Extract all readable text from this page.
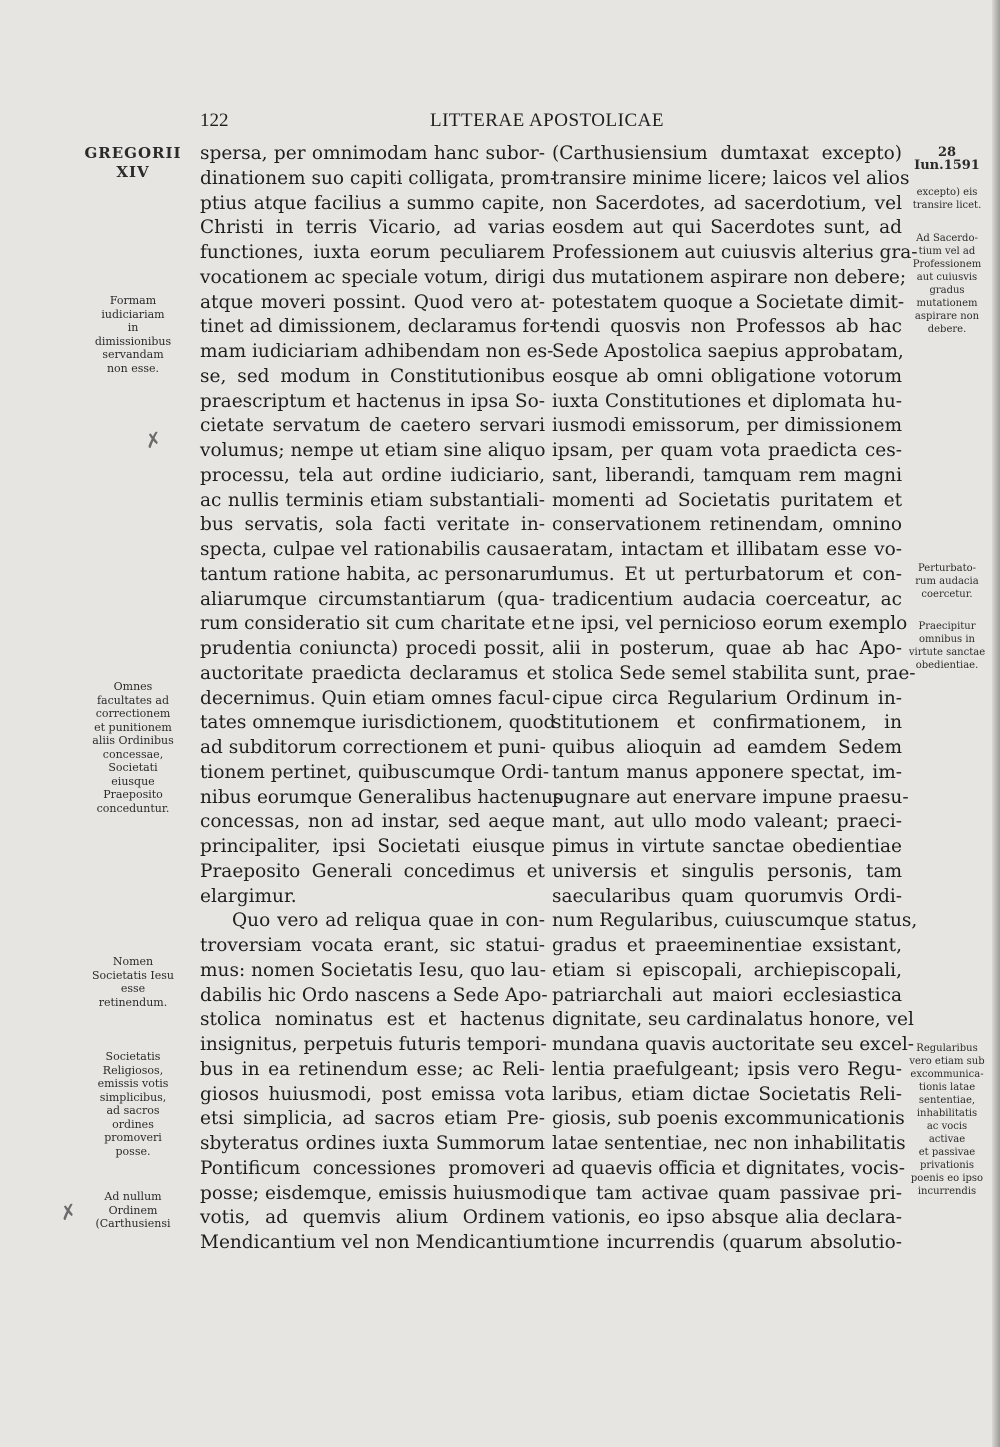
122	LITTERAE APOSTOLICAE
GREGORII
XIV
Formam
iudiciariam
in
dimissionibus
servandam
non esse.
✗
Omnes
facultates ad
correctionem
et punitionem
aliis Ordinibus
concessae,
Societati
eiusque
Praeposito
conceduntur.
Nomen
Societatis Iesu
esse
retinendum.
Societatis
Religiosos,
emissis votis
simplicibus,
ad sacros
ordines
promoveri
posse.
Ad nullum
Ordinem
(Carthusiensi
✗
28 Iun.1591
excepto) eis
transire licet.
Ad Sacerdo-
tium vel ad
Professionem
aut cuiusvis
gradus
mutationem
aspirare non
debere.
Perturbato-
rum audacia
coercetur.
Praecipitur
omnibus in
virtute sanctae
obedientiae.
Regularibus
vero etiam sub
excommunica-
tionis latae
sententiae,
inhabilitatis
ac vocis
activae
et passivae
privationis
poenis eo ipso
incurrendis
spersa, per omnimodam hanc subor-
dinationem suo capiti colligata, prom-
ptius atque facilius a summo capite,
Christi in terris Vicario, ad varias
functiones, iuxta eorum peculiarem
vocationem ac speciale votum, dirigi
atque moveri possint. Quod vero at-
tinet ad dimissionem, declaramus for-
mam iudiciariam adhibendam non es-
se, sed modum in Constitutionibus
praescriptum et hactenus in ipsa So-
cietate servatum de caetero servari
volumus; nempe ut etiam sine aliquo
processu, tela aut ordine iudiciario,
ac nullis terminis etiam substantiali-
bus servatis, sola facti veritate in-
specta, culpae vel rationabilis causae
tantum ratione habita, ac personarum
aliarumque circumstantiarum (qua-
rum consideratio sit cum charitate et
prudentia coniuncta) procedi possit,
auctoritate praedicta declaramus et
decernimus. Quin etiam omnes facul-
tates omnemque iurisdictionem, quod
ad subditorum correctionem et puni-
tionem pertinet, quibuscumque Ordi-
nibus eorumque Generalibus hactenus
concessas, non ad instar, sed aeque
principaliter, ipsi Societati eiusque
Praeposito Generali concedimus et
elargimur.
Quo vero ad reliqua quae in con-
troversiam vocata erant, sic statui-
mus: nomen Societatis Iesu, quo lau-
dabilis hic Ordo nascens a Sede Apo-
stolica nominatus est et hactenus
insignitus, perpetuis futuris tempori-
bus in ea retinendum esse; ac Reli-
giosos huiusmodi, post emissa vota
etsi simplicia, ad sacros etiam Pre-
sbyteratus ordines iuxta Summorum
Pontificum concessiones promoveri
posse; eisdemque, emissis huiusmodi
votis, ad quemvis alium Ordinem
Mendicantium vel non Mendicantium
(Carthusiensium dumtaxat excepto)
transire minime licere; laicos vel alios
non Sacerdotes, ad sacerdotium, vel
eosdem aut qui Sacerdotes sunt, ad
Professionem aut cuiusvis alterius gra-
dus mutationem aspirare non debere;
potestatem quoque a Societate dimit-
tendi quosvis non Professos ab hac
Sede Apostolica saepius approbatam,
eosque ab omni obligatione votorum
iuxta Constitutiones et diplomata hu-
iusmodi emissorum, per dimissionem
ipsam, per quam vota praedicta ces-
sant, liberandi, tamquam rem magni
momenti ad Societatis puritatem et
conservationem retinendam, omnino
ratam, intactam et illibatam esse vo-
lumus. Et ut perturbatorum et con-
tradicentium audacia coerceatur, ac
ne ipsi, vel pernicioso eorum exemplo
alii in posterum, quae ab hac Apo-
stolica Sede semel stabilita sunt, prae-
cipue circa Regularium Ordinum in-
stitutionem et confirmationem, in
quibus alioquin ad eamdem Sedem
tantum manus apponere spectat, im-
pugnare aut enervare impune praesu-
mant, aut ullo modo valeant; praeci-
pimus in virtute sanctae obedientiae
universis et singulis personis, tam
saecularibus quam quorumvis Ordi-
num Regularibus, cuiuscumque status,
gradus et praeeminentiae exsistant,
etiam si episcopali, archiepiscopali,
patriarchali aut maiori ecclesiastica
dignitate, seu cardinalatus honore, vel
mundana quavis auctoritate seu excel-
lentia praefulgeant; ipsis vero Regu-
laribus, etiam dictae Societatis Reli-
giosis, sub poenis excommunicationis
latae sententiae, nec non inhabilitatis
ad quaevis officia et dignitates, vocis-
que tam activae quam passivae pri-
vationis, eo ipso absque alia declara-
tione incurrendis (quarum absolutio-
